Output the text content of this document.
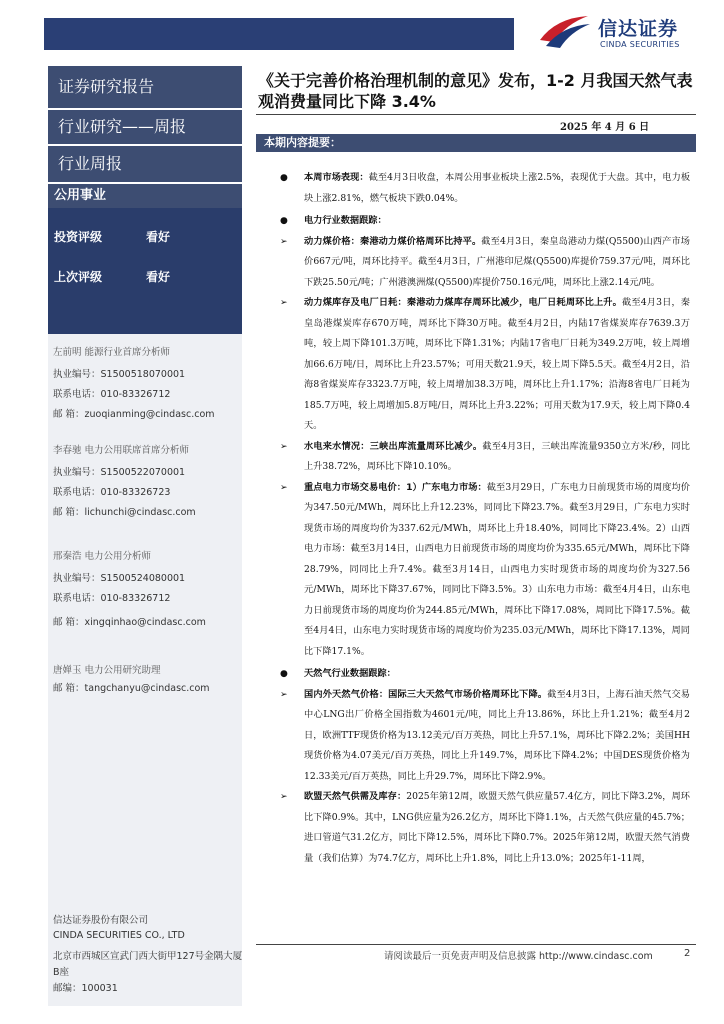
信达证券
CINDA SECURITIES
证券研究报告
行业研究——周报
行业周报
公用事业
投资评级	看好
上次评级	看好
左前明 能源行业首席分析师
执业编号：S1500518070001
联系电话：010-83326712
邮 箱：zuoqianming@cindasc.com
李春驰 电力公用联席首席分析师
执业编号：S1500522070001
联系电话：010-83326723
邮 箱：lichunchi@cindasc.com
邢秦浩 电力公用分析师
执业编号：S1500524080001
联系电话：010-83326712
邮 箱：xingqinhao@cindasc.com
唐婵玉 电力公用研究助理
邮 箱：tangchanyu@cindasc.com
信达证券股份有限公司
CINDA SECURITIES CO., LTD
北京市西城区宣武门西大街甲127号金隅大厦
B座
邮编：100031
《关于完善价格治理机制的意见》发布，1-2 月我国天然气表观消费量同比下降 3.4%
2025 年 4 月 6 日
本期内容提要：
● 本周市场表现：截至4月3日收盘，本周公用事业板块上涨2.5%，表现优于大盘。其中，电力板块上涨2.81%，燃气板块下跌0.04%。
● 电力行业数据跟踪：
➢ 动力煤价格：秦港动力煤价格周环比持平。截至4月3日，秦皇岛港动力煤(Q5500)山西产市场价667元/吨，周环比持平。截至4月3日，广州港印尼煤(Q5500)库提价759.37元/吨，周环比下跌25.50元/吨；广州港澳洲煤(Q5500)库提价750.16元/吨，周环比上涨2.14元/吨。
➢ 动力煤库存及电厂日耗：秦港动力煤库存周环比减少，电厂日耗周环比上升。截至4月3日，秦皇岛港煤炭库存670万吨，周环比下降30万吨。截至4月2日，内陆17省煤炭库存7639.3万吨，较上周下降101.3万吨，周环比下降1.31%；内陆17省电厂日耗为349.2万吨，较上周增加66.6万吨/日，周环比上升23.57%；可用天数21.9天，较上周下降5.5天。截至4月2日，沿海8省煤炭库存3323.7万吨，较上周增加38.3万吨，周环比上升1.17%；沿海8省电厂日耗为185.7万吨，较上周增加5.8万吨/日，周环比上升3.22%；可用天数为17.9天，较上周下降0.4天。
➢ 水电来水情况：三峡出库流量周环比减少。截至4月3日，三峡出库流量9350立方米/秒，同比上升38.72%，周环比下降10.10%。
➢ 重点电力市场交易电价：1）广东电力市场：截至3月29日，广东电力日前现货市场的周度均价为347.50元/MWh，周环比上升12.23%，同同比下降23.7%。截至3月29日，广东电力实时现货市场的周度均价为337.62元/MWh，周环比上升18.40%，同同比下降23.4%。2）山西电力市场：截至3月14日，山西电力日前现货市场的周度均价为335.65元/MWh，周环比下降28.79%，同同比上升7.4%。截至3月14日，山西电力实时现货市场的周度均价为327.56元/MWh，周环比下降37.67%，同同比下降3.5%。3）山东电力市场：截至4月4日，山东电力日前现货市场的周度均价为244.85元/MWh，周环比下降17.08%，周同比下降17.5%。截至4月4日，山东电力实时现货市场的周度均价为235.03元/MWh，周环比下降17.13%，周同比下降17.1%。
● 天然气行业数据跟踪：
➢ 国内外天然气价格：国际三大天然气市场价格周环比下降。截至4月3日，上海石油天然气交易中心LNG出厂价格全国指数为4601元/吨，同比上升13.86%，环比上升1.21%；截至4月2日，欧洲TTF现货价格为13.12美元/百万英热，同比上升57.1%，周环比下降2.2%；美国HH现货价格为4.07美元/百万英热，同比上升149.7%，周环比下降4.2%；中国DES现货价格为12.33美元/百万英热，同比上升29.7%，周环比下降2.9%。
➢ 欧盟天然气供需及库存：2025年第12周，欧盟天然气供应量57.4亿方，同比下降3.2%，周环比下降0.9%。其中，LNG供应量为26.2亿方，周环比下降1.1%，占天然气供应量的45.7%；进口管道气31.2亿方，同比下降12.5%，周环比下降0.7%。2025年第12周，欧盟天然气消费量（我们估算）为74.7亿方，周环比上升1.8%，同比上升13.0%；2025年1-11周，
请阅读最后一页免责声明及信息披露 http://www.cindasc.com	2
